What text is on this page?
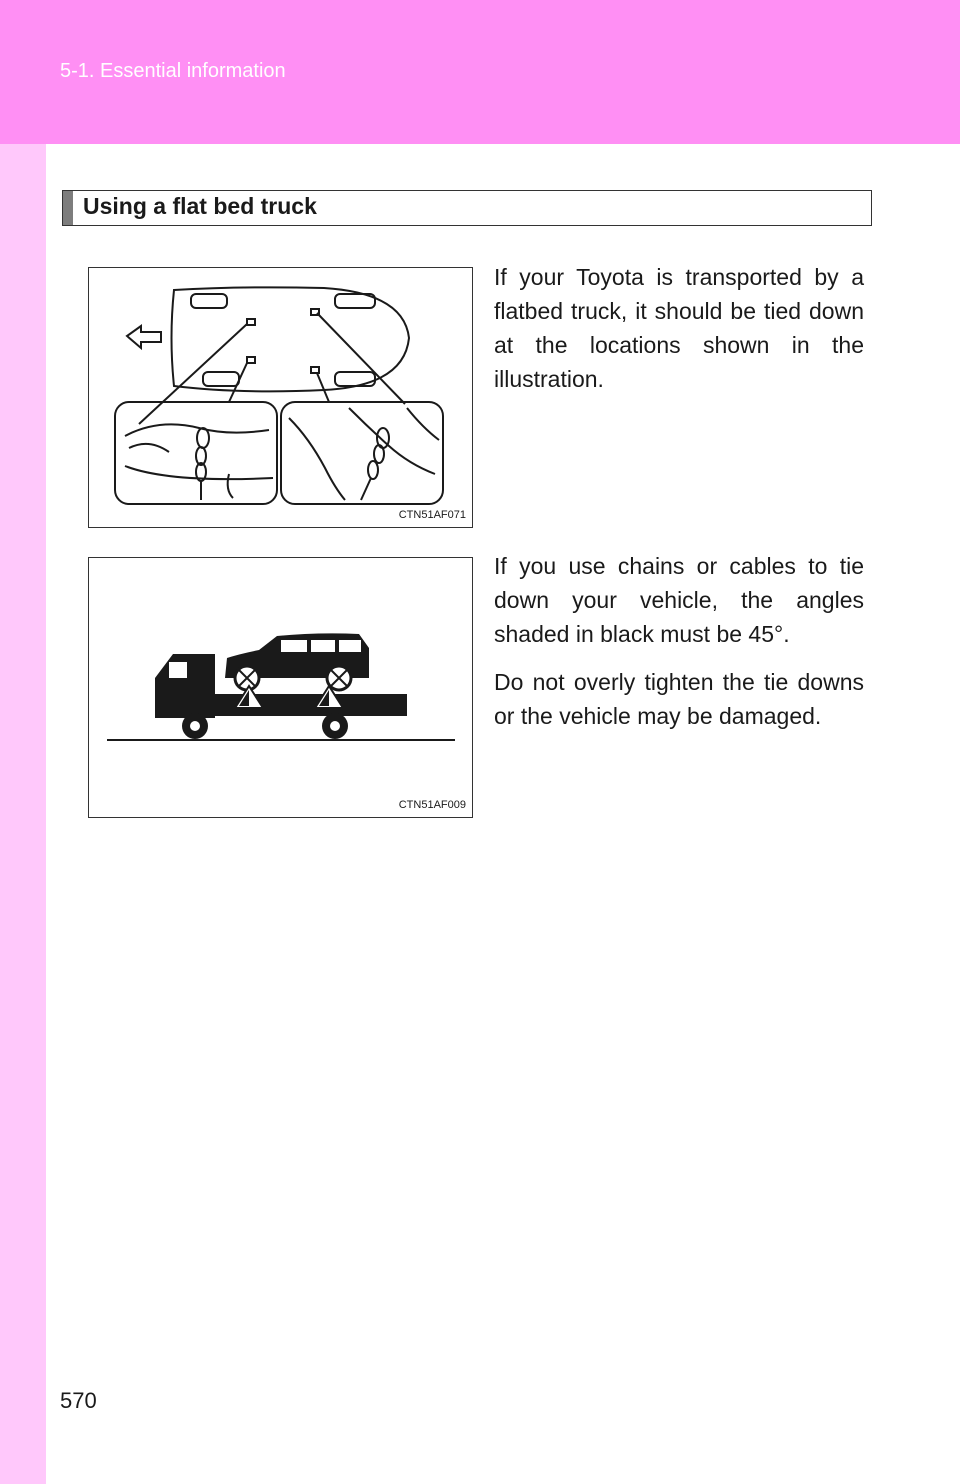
5-1. Essential information
Using a flat bed truck
CTN51AF071
CTN51AF009

If your Toyota is transported by a flatbed truck, it should be tied down at the locations shown in the illustration.

If you use chains or cables to tie down your vehicle, the angles shaded in black must be 45°.

Do not overly tighten the tie downs or the vehicle may be damaged.

570
